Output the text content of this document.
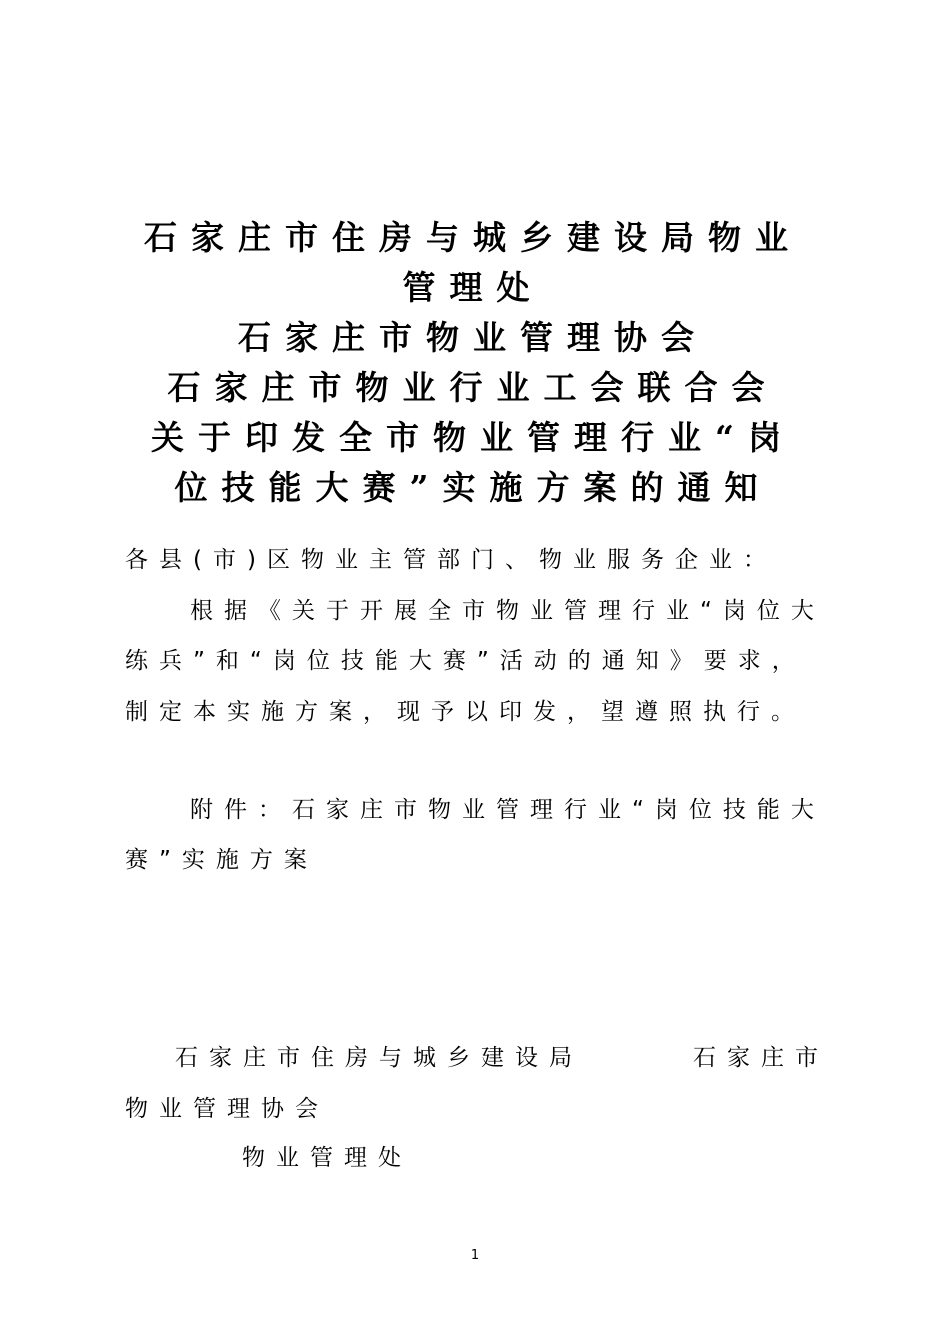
石家庄市住房与城乡建设局物业

管理处

石家庄市物业管理协会

石家庄市物业行业工会联合会

关于印发全市物业管理行业“岗

位技能大赛”实施方案的通知

各县(市)区物业主管部门、物业服务企业：

根据《关于开展全市物业管理行业“岗位大

练兵”和“岗位技能大赛”活动的通知》要求，

制定本实施方案，现予以印发，望遵照执行。

附件：石家庄市物业管理行业“岗位技能大

赛”实施方案

石家庄市住房与城乡建设局	石家庄市

物业管理协会

物业管理处

1
